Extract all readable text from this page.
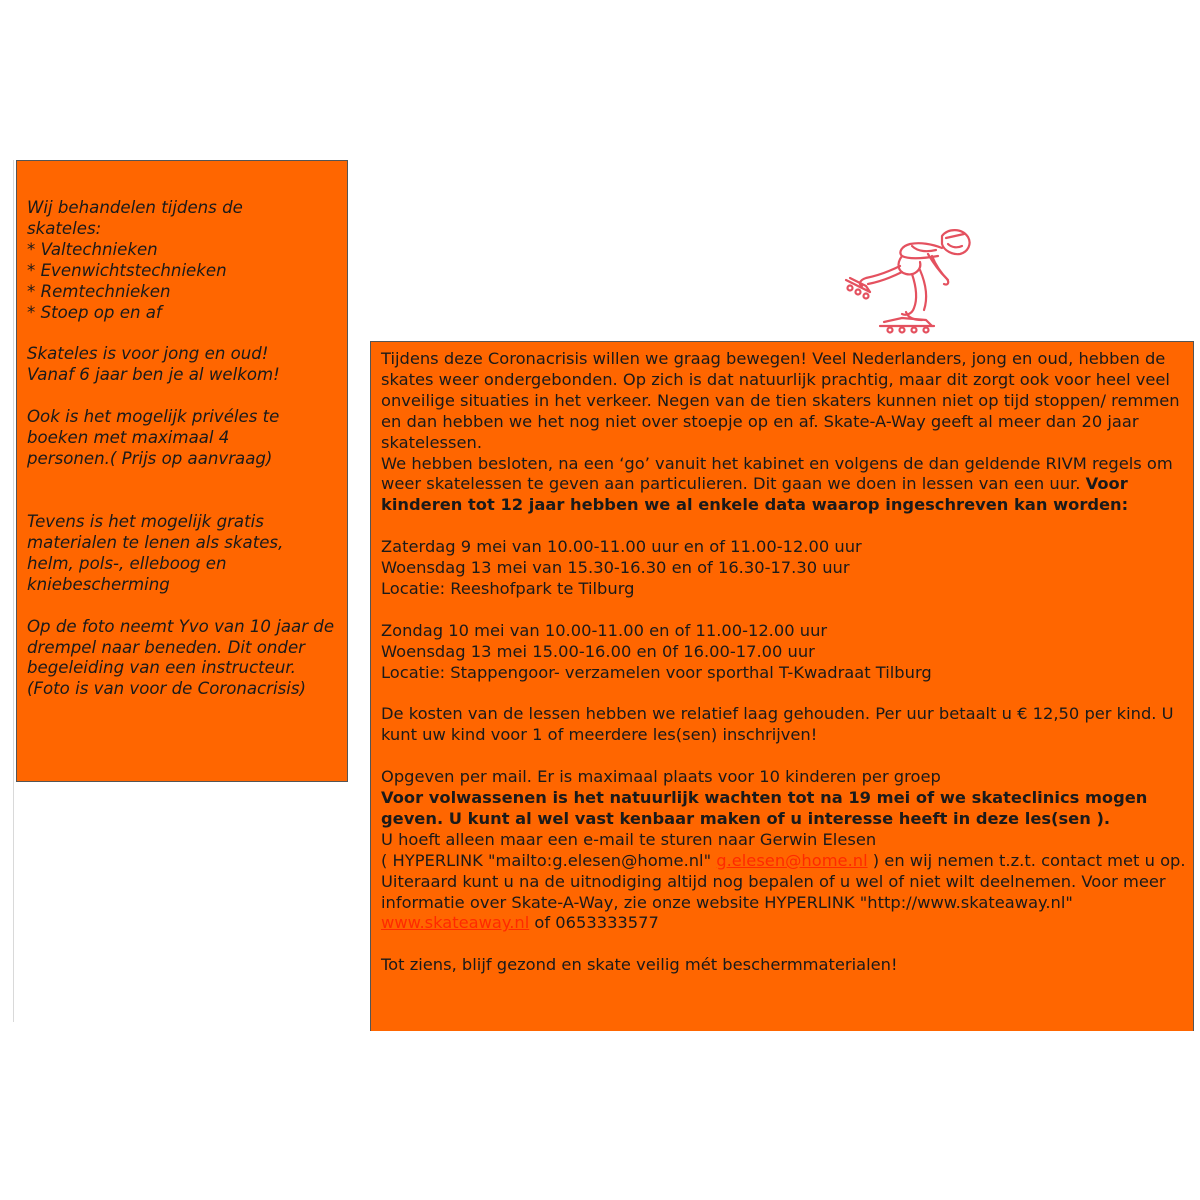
Wij behandelen tijdens de skateles:

* Valtechnieken

* Evenwichtstechnieken

* Remtechnieken

* Stoep op en af

Skateles is voor jong en oud!

Vanaf 6 jaar ben je al welkom!

Ook is het mogelijk privéles te boeken met maximaal 4 personen.( Prijs op aanvraag)

Tevens is het mogelijk gratis materialen te lenen als skates, helm, pols-, elleboog en kniebescherming

Op de foto neemt Yvo van 10 jaar de drempel naar beneden. Dit onder begeleiding van een instructeur. (Foto is van voor de Coronacrisis)

Tijdens deze Coronacrisis willen we graag bewegen! Veel Nederlanders, jong en oud, hebben de skates weer ondergebonden. Op zich is dat natuurlijk prachtig, maar dit zorgt ook voor heel veel onveilige situaties in het verkeer. Negen van de tien skaters kunnen niet op tijd stoppen/ remmen en dan hebben we het nog niet over stoepje op en af. Skate-A-Way geeft al meer dan 20 jaar skatelessen.

We hebben besloten, na een ‘go’ vanuit het kabinet en volgens de dan geldende RIVM regels om weer skatelessen te geven aan particulieren. Dit gaan we doen in lessen van een uur. Voor kinderen tot 12 jaar hebben we al enkele data waarop ingeschreven kan worden:

Zaterdag 9 mei van 10.00-11.00 uur en of 11.00-12.00 uur

Woensdag 13 mei van 15.30-16.30 en of 16.30-17.30 uur

Locatie: Reeshofpark te Tilburg

Zondag 10 mei van 10.00-11.00 en of 11.00-12.00 uur

Woensdag 13 mei 15.00-16.00 en 0f 16.00-17.00 uur

Locatie: Stappengoor- verzamelen voor sporthal T-Kwadraat Tilburg

De kosten van de lessen hebben we relatief laag gehouden. Per uur betaalt u € 12,50 per kind. U kunt uw kind voor 1 of meerdere les(sen) inschrijven!

Opgeven per mail. Er is maximaal plaats voor 10 kinderen per groep

Voor volwassenen is het natuurlijk wachten tot na 19 mei of we skateclinics mogen geven. U kunt al wel vast kenbaar maken of u interesse heeft in deze les(sen ).

U hoeft alleen maar een e-mail te sturen naar Gerwin Elesen

( HYPERLINK "mailto:g.elesen@home.nl" g.elesen@home.nl ) en wij nemen t.z.t. contact met u op. Uiteraard kunt u na de uitnodiging altijd nog bepalen of u wel of niet wilt deelnemen. Voor meer informatie over Skate-A-Way, zie onze website HYPERLINK "http://www.skateaway.nl" www.skateaway.nl of 0653333577

Tot ziens, blijf gezond en skate veilig mét beschermmaterialen!
